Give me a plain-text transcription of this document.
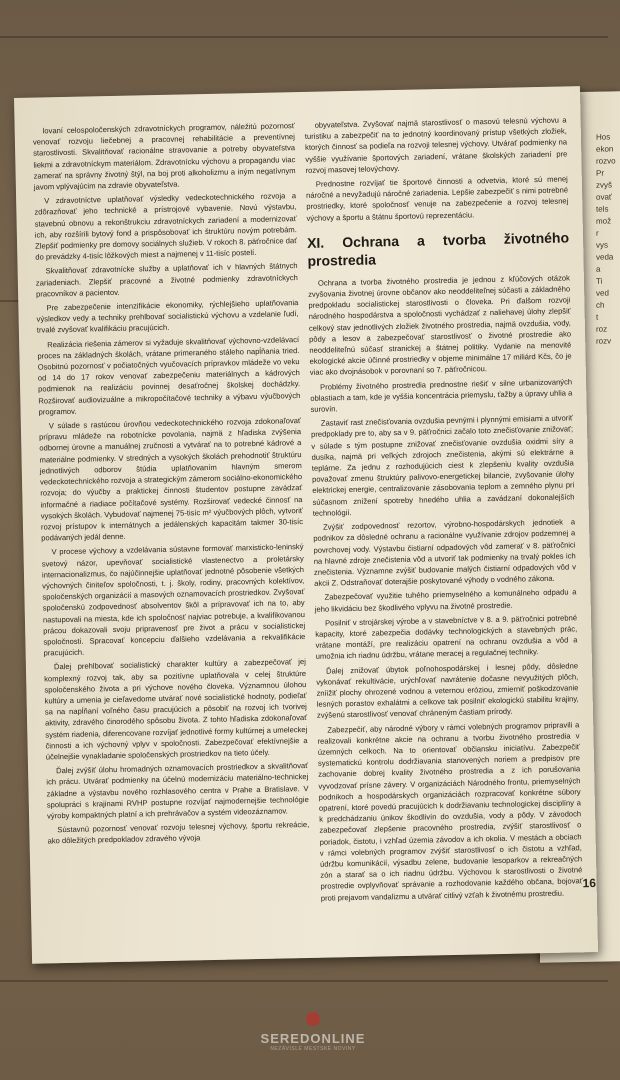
Hos
ekon
rozvo
Pr
zvyš
ovať
tels
mož
r
vys
veda
a
Ti
ved
ch
t
roz
rozv

lovaní celospoločenských zdravotníckych programov, náležitú pozornosť venovať rozvoju liečebnej a pracovnej rehabilitácie a preventívnej starostlivosti. Skvalitňovať racionálne stravovanie a potreby obyvateľstva liekmi a zdravotníckym materiálom. Zdravotnícku výchovu a propagandu viac zamerať na správny životný štýl, na boj proti alkoholizmu a iným negatívnym javom vplývajúcim na zdravie obyvateľstva.

V zdravotníctve uplatňovať výsledky vedeckotechnického rozvoja a zdôrazňovať jeho technické a prístrojové vybavenie. Novú výstavbu, stavebnú obnovu a rekonštrukciu zdravotníckych zariadení a modernizovať ich, aby rozšírili bytový fond a prispôsobovať ich štruktúru novým potrebám. Zlepšiť podmienky pre domovy sociálnych služieb. V rokoch 8. päťročnice dať do prevádzky 4-tisíc lôžkových miest a najmenej v 11-tisíc postelí.

Skvalitňovať zdravotnícke služby a uplatňovať ich v hlavných štátnych zariadeniach. Zlepšiť pracovné a životné podmienky zdravotníckych pracovníkov a pacientov.

Pre zabezpečenie intenzifikácie ekonomiky, rýchlejšieho uplatňovania výsledkov vedy a techniky prehlbovať socialistickú výchovu a vzdelanie ľudí, trvalé zvyšovať kvalifikáciu pracujúcich.

Realizácia riešenia zámerov si vyžaduje skvalitňovať výchovno-vzdelávací proces na základných školách, vrátane primeraného stáleho napĺňania tried. Osobitnú pozornosť v počiatočných vyučovacích prípravkov mládeže vo veku od 14 do 17 rokov venovať zabezpečeniu materiálnych a kádrových podmienok na realizáciu povinnej desaťročnej školskej dochádzky. Rozširovať audiovizuálne a mikropočítačové techniky a výbavu výučbových programov.

V súlade s rastúcou úrovňou vedeckotechnického rozvoja zdokonaľovať prípravu mládeže na robotnícke povolania, najmä z hľadiska zvýšenia odbornej úrovne a manuálnej zručnosti a vytvárať na to potrebné kádrové a materiálne podmienky. V stredných a vysokých školách prehodnotiť štruktúru jednotlivých odborov štúdia uplatňovaním hlavným smerom vedeckotechnického rozvoja a strategickým zámerom sociálno-ekonomického rozvoja; do výučby a praktickej činnosti študentov postupne zavádzať informačné a riadiace počítačové systémy. Rozširovať vedecké činnosť na vysokých školách. Vybudovať najmenej 75-tisíc m² výučbových plôch, vytvoriť rozvoj prístupov k internátnych a jedálenských kapacitám takmer 30-tisíc podávaných jedál denne.

V procese výchovy a vzdelávania sústavne formovať marxisticko-leninský svetový názor, upevňovať socialistické vlastenectvo a proletársky internacionalizmus, čo najúčinnejšie uplatňovať jednotné pôsobenie všetkých výchovných činiteľov spoločnosti, t. j. školy, rodiny, pracovných kolektívov, spoločenských organizácií a masových oznamovacích prostriedkov. Zvyšovať spoločenskú zodpovednosť absolventov škôl a prípravovať ich na to, aby nastupovali na miesta, kde ich spoločnosť najviac potrebuje, a kvalifikovanou prácou dokazovali svoju pripravenosť pre život a prácu v socialistickej spoločnosti. Spracovať koncepciu ďalšieho vzdelávania a rekvalifikácie pracujúcich.

Ďalej prehlbovať socialistický charakter kultúry a zabezpečovať jej komplexný rozvoj tak, aby sa pozitívne uplatňovala v celej štruktúre spoločenského života a pri výchove nového človeka. Významnou úlohou kultúry a umenia je cieľavedome utvárať nové socialistické hodnoty, podieľať sa na napĺňaní voľného času pracujúcich a pôsobiť na rozvoj ich tvorivej aktivity, zdravého činorodého spôsobu života. Z tohto hľadiska zdokonaľovať systém riadenia, diferencovane rozvíjať jednotlivé formy kultúrnej a umeleckej činnosti a ich výchovný vplyv v spoločnosti. Zabezpečovať efektívnejšie a účelnejšie vynakladanie spoločenských prostriedkov na tieto účely.

Ďalej zvýšiť úlohu hromadných oznamovacích prostriedkov a skvalitňovať ich prácu. Utvárať podmienky na účelnú modernizáciu materiálno-technickej základne a výstavbu nového rozhlasového centra v Prahe a Bratislave. V spolupráci s krajinami RVHP postupne rozvíjať najmodernejšie technológie výroby kompaktných platní a ich prehrávačov a systém videozáznamov.

Sústavnú pozornosť venovať rozvoju telesnej výchovy, športu rekreácie, ako dôležitých predpokladov zdravého vývoja

obyvateľstva. Zvyšovať najmä starostlivosť o masovú telesnú výchovu a turistiku a zabezpečiť na to jednotný koordinovaný prístup všetkých zložiek, ktorých činnosť sa podieľa na rozvoji telesnej výchovy. Utvárať podmienky na vyššie využívanie športových zariadení, vrátane školských zariadení pre rozvoj masovej telovýchovy.

Prednostne rozvíjať tie športové činnosti a odvetvia, ktoré sú menej náročné a nevyžadujú náročné zariadenia. Lepšie zabezpečiť s nimi potrebné prostriedky, ktoré spoločnosť venuje na zabezpečenie a rozvoj telesnej výchovy a športu a štátnu športovú reprezentáciu.

XI. Ochrana a tvorba životného prostredia

Ochrana a tvorba životného prostredia je jednou z kľúčových otázok zvyšovania životnej úrovne občanov ako neoddeliteľnej súčasti a základného predpokladu socialistickej starostlivosti o človeka. Pri ďalšom rozvoji národného hospodárstva a spoločnosti vychádzať z naliehavej úlohy zlepšiť celkový stav jednotlivých zložiek životného prostredia, najmä ovzdušia, vody, pôdy a lesov a zabezpečovať starostlivosť o životné prostredie ako neoddeliteľnú súčasť stranickej a štátnej politiky. Vydanie na menovité ekologické akcie účinné prostriedky v objeme minimálne 17 miliárd Kčs, čo je viac ako dvojnásobok v porovnaní so 7. päťročnicou.

Problémy životného prostredia prednostne riešiť v silne urbanizovaných oblastiach a tam, kde je vyššia koncentrácia priemyslu, ťažby a úpravy uhlia a surovín.

Zastaviť rast znečisťovania ovzdušia pevnými i plynnými emisiami a utvoriť predpoklady pre to, aby sa v 9. päťročnici začalo toto znečisťovanie znižovať; v súlade s tým postupne znižovať znečisťovanie ovzdušia oxidmi síry a dusíka, najmä pri veľkých zdrojoch znečistenia, akými sú elektrárne a teplárne. Za jednu z rozhodujúcich ciest k zlepšeniu kvality ovzdušia považovať zmenu štruktúry palivovo-energetickej bilancie, zvyšovanie úlohy elektrickej energie, centralizovanie zásobovania teplom a zemného plynu pri súčasnom znížení spotreby hnedého uhlia a zavádzaní dokonalejších technológií.

Zvýšiť zodpovednosť rezortov, výrobno-hospodárskych jednotiek a podnikov za dôsledné ochranu a racionálne využívanie zdrojov podzemnej a povrchovej vody. Výstavbu čistiarní odpadových vôd zamerať v 8. päťročnici na hlavné zdroje znečistenia vôd a utvoriť tak podmienky na trvalý pokles ich znečistenia. Významne zvýšiť budovanie malých čistiarní odpadových vôd v akcii Z. Odstraňovať doterajšie poskytované výhody o vodného zákona.

Zabezpečovať využitie tuhého priemyselného a komunálneho odpadu a jeho likvidáciu bez škodlivého vplyvu na životné prostredie.

Posilniť v strojárskej výrobe a v stavebníctve v 8. a 9. päťročnici potrebné kapacity, ktoré zabezpečia dodávky technologických a stavebných prác, vrátane montáží, pre realizáciu opatrení na ochranu ovzdušia a vôd a umožnia ich riadnu údržbu, vrátane meracej a regulačnej techniky.

Ďalej znižovať úbytok poľnohospodárskej i lesnej pôdy, dôsledne vykonávať rekultivácie, urýchľovať navrátenie dočasne nevyužitých plôch, zníižiť plochy ohrozené vodnou a veternou eróziou, zmierniť poškodzovanie lesných porastov exhalátmi a celkove tak posilniť ekologickú stabilitu krajiny, zvýšenú starostlivosť venovať chráneným častiam prírody.

Zabezpečiť, aby národné výbory v rámci volebných programov pripravili a realizovali konkrétne akcie na ochranu a tvorbu životného prostredia v územných celkoch. Na to orientovať občiansku iniciatívu. Zabezpečiť systematickú kontrolu dodržiavania stanovených noriem a predpisov pre zachovanie dobrej kvality životného prostredia a z ich porušovania vyvodzovať prísne závery. V organizáciách Národného frontu, priemyselných podnikoch a hospodárskych organizáciách rozpracovať konkrétne súbory opatrení, ktoré povedú pracujúcich k dodržiavaniu technologickej disciplíny a k predchádzaniu únikov škodlivín do ovzdušia, vody a pôdy. V závodoch zabezpečovať zlepšenie pracovného prostredia, zvýšiť starostlivosť o poriadok, čistotu, i vzhľad územia závodov a ich okolia. V mestách a obciach v rámci volebných programov zvýšiť starostlivosť o ich čistotu a vzhľad, údržbu komunikácií, výsadbu zelene, budovanie lesoparkov a rekreačných zón a starať sa o ich riadnu údržbu. Výchovou k starostlivosti o životné prostredie ovplyvňovať správanie a rozhodovanie každého občana, bojovať proti prejavom vandalizmu a utvárať citlivý vzťah k životnému prostrediu.

16
SEREDONLINE
NEZÁVISLÉ MESTSKÉ NOVINY
